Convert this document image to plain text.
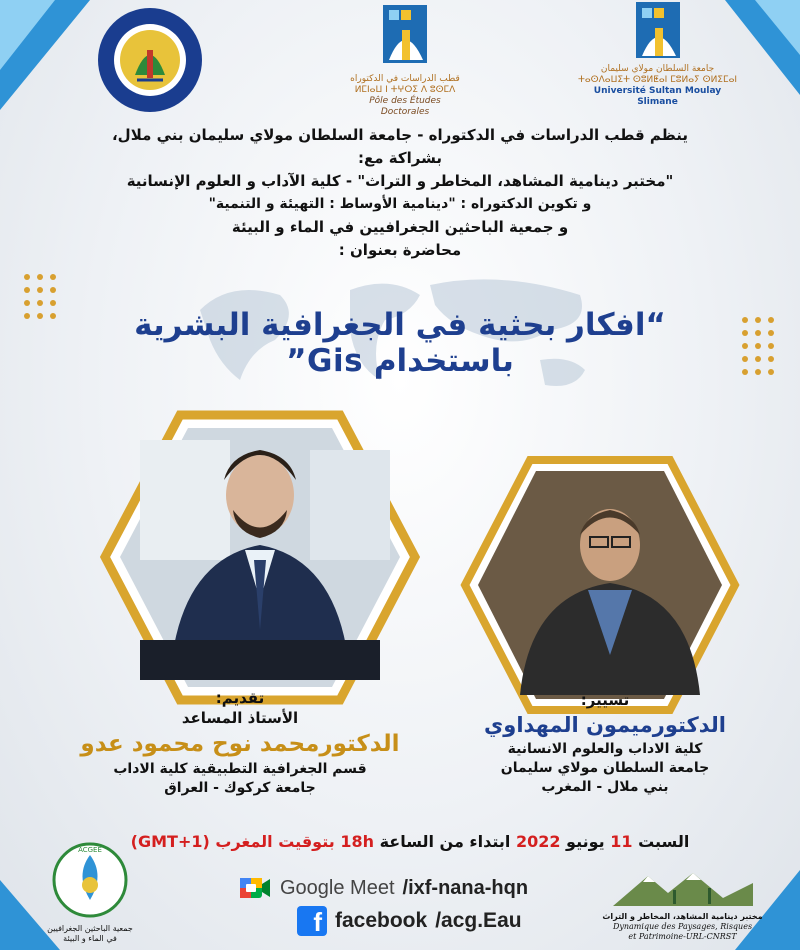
قطب الدراسات في الدكتوراه
ⵍⵎⵏⴰⵡ ⵏ ⵜⵖⵔⵉ ⴷ ⵓⵙⵎⴷ
Pôle des Études Doctorales
جامعة السلطان مولاي سليمان
ⵜⴰⵙⴷⴰⵡⵉⵜ ⵙⵓⵍⵟⴰⵏ ⵎⵓⵍⴰⵢ ⵙⵍⵉⵎⴰⵏ
Université Sultan Moulay Slimane
ينظم قطب الدراسات في الدكتوراه - جامعة السلطان مولاي سليمان بني ملال،
بشراكة مع:
"مختبر دينامية المشاهد، المخاطر و التراث" - كلية الآداب و العلوم الإنسانية
و تكوين الدكتوراه : "دينامية الأوساط : التهيئة و التنمية"
و جمعية الباحثين الجغرافيين في الماء و البيئة
محاضرة بعنوان :
“افكار بحثية في الجغرافية البشرية باستخدام Gis”
تقديم:
الأستاذ المساعد
الدكتورمحمد نوح محمود عدو
قسم الجغرافية التطبيقية كلية الاداب
جامعة كركوك - العراق
تسيير:
الدكتورميمون المهداوي
كلية الاداب والعلوم الانسانية
جامعة السلطان مولاي سليمان
بني ملال - المغرب
السبت 11 يونيو 2022 ابتداء من الساعة 18h بتوقيت المغرب (GMT+1)
Google Meet /ixf-nana-hqn
f facebook /acg.Eau
ACGEE
جمعية الباحثين الجغرافيين
في الماء و البيئة
مختبر دينامية المشاهد، المخاطر و التراث
Dynamique des Paysages, Risques
et Patrimoine-URL-CNRST
